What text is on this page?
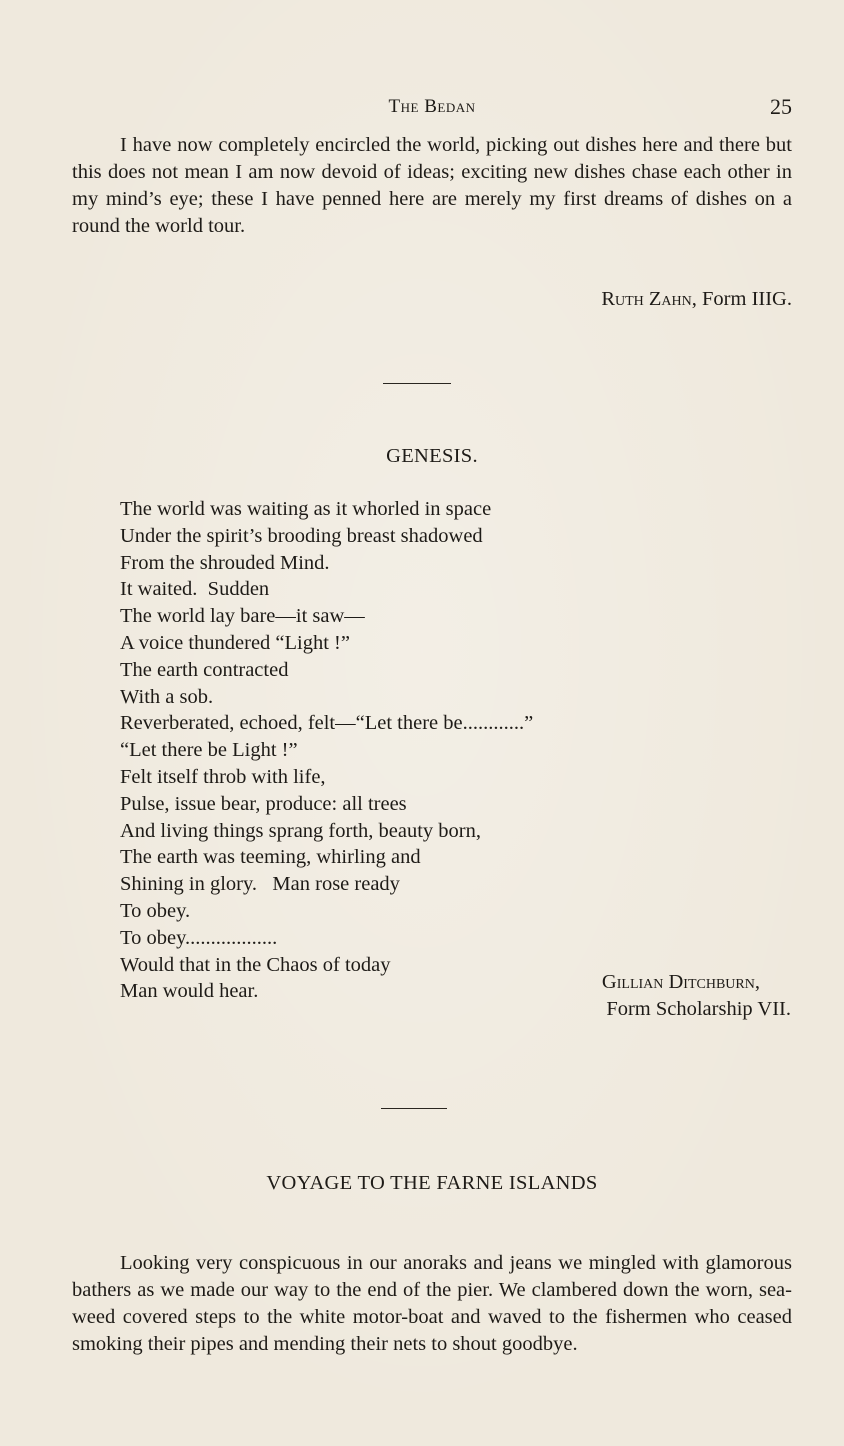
The Bedan	25

I have now completely encircled the world, picking out dishes here and there but this does not mean I am now devoid of ideas; exciting new dishes chase each other in my mind’s eye; these I have penned here are merely my first dreams of dishes on a round the world tour.

Ruth Zahn, Form IIIG.
GENESIS.
The world was waiting as it whorled in space
Under the spirit’s brooding breast shadowed
From the shrouded Mind.
It waited.  Sudden
The world lay bare—it saw—
A voice thundered “Light !”
The earth contracted
With a sob.
Reverberated, echoed, felt—“Let there be............”
“Let there be Light !”
Felt itself throb with life,
Pulse, issue bear, produce: all trees
And living things sprang forth, beauty born,
The earth was teeming, whirling and
Shining in glory.   Man rose ready
To obey.
To obey..................
Would that in the Chaos of today
Man would hear.	Gillian Ditchburn,
Form Scholarship VII.
VOYAGE TO THE FARNE ISLANDS

Looking very conspicuous in our anoraks and jeans we mingled with glamorous bathers as we made our way to the end of the pier. We clambered down the worn, sea-weed covered steps to the white motor-boat and waved to the fishermen who ceased smoking their pipes and mending their nets to shout goodbye.
